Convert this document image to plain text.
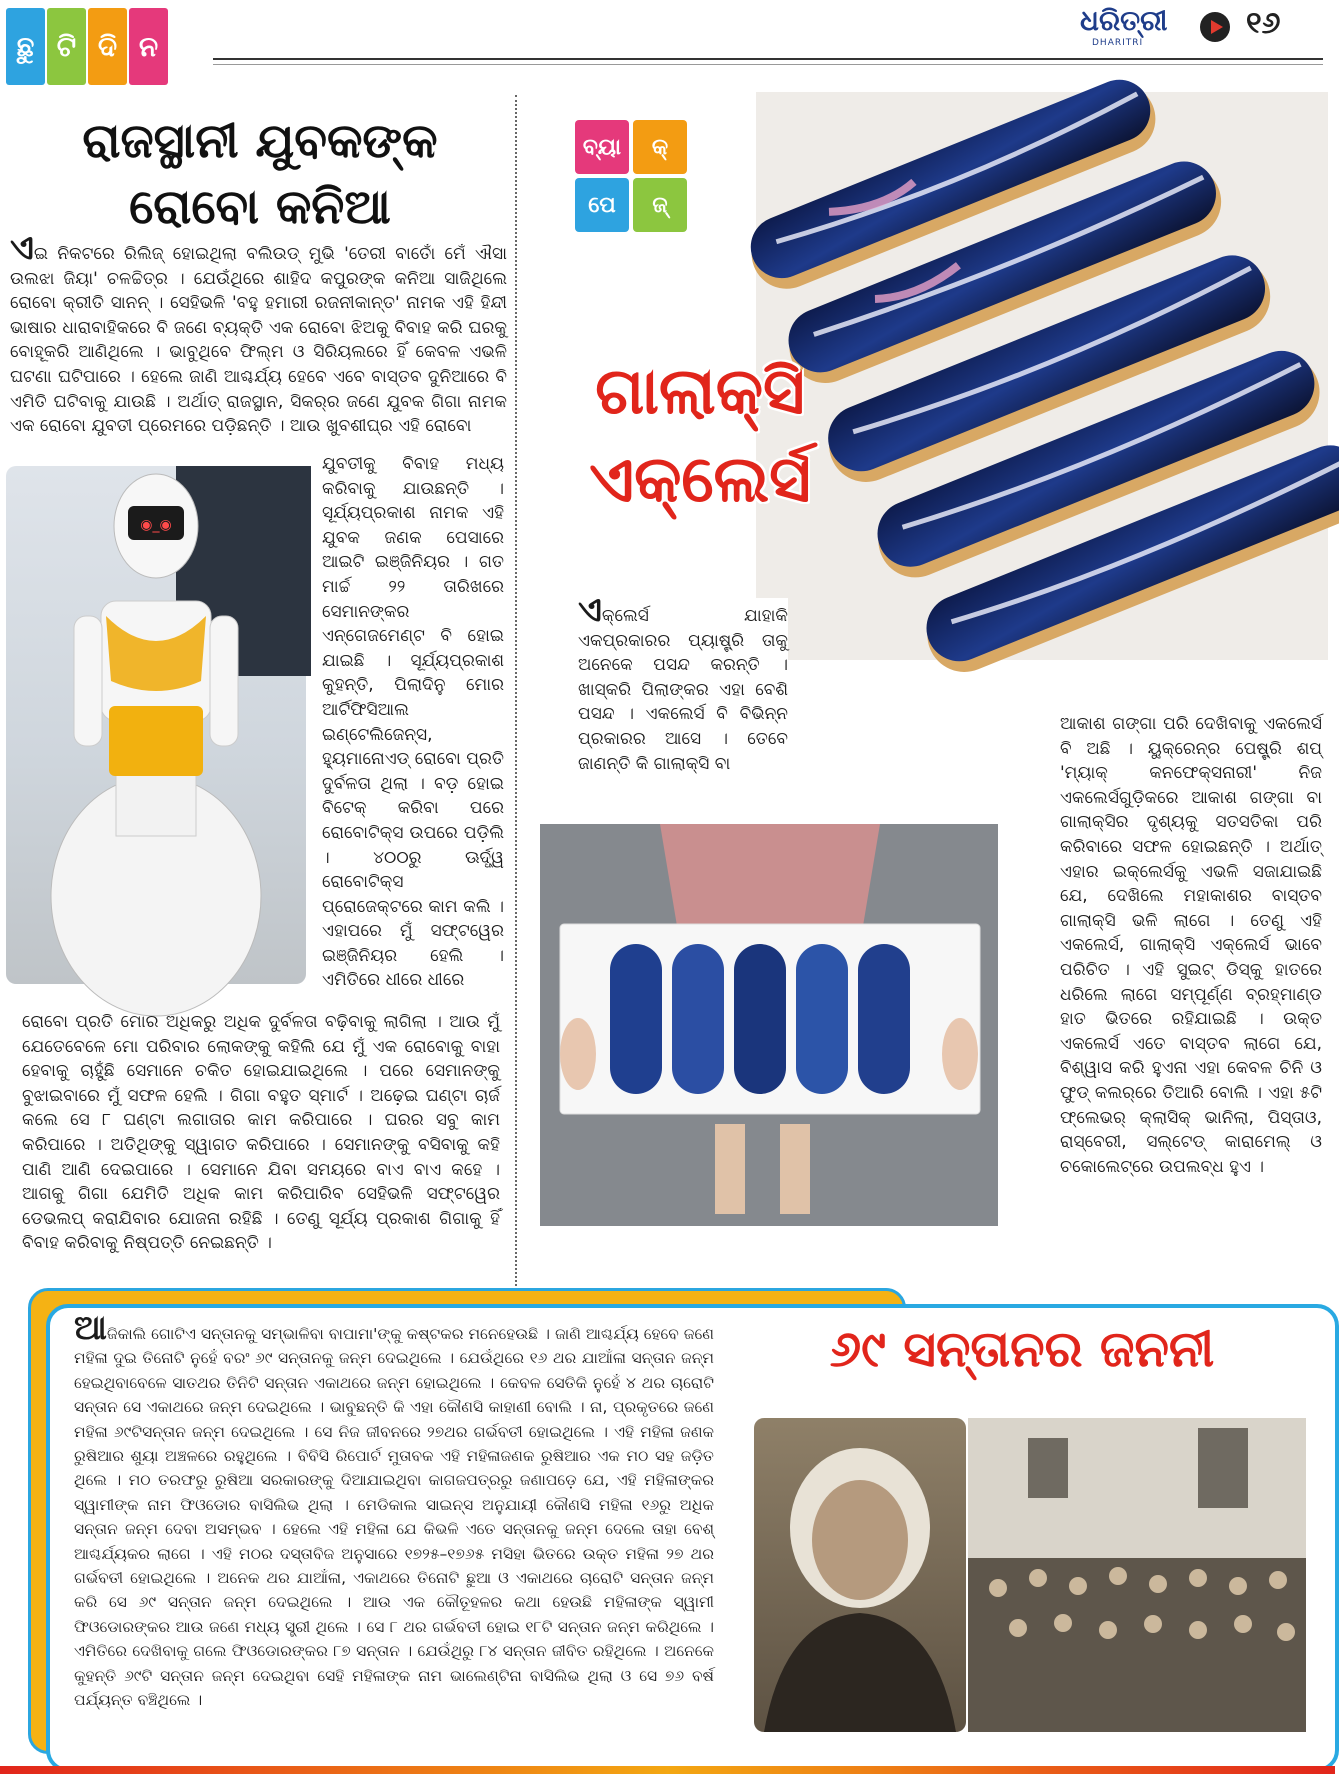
ଛୁ ଟି ଦି ନ
ଧରିତ୍ରୀ
DHARITRI
୧୬
ରାଜସ୍ଥାନୀ ଯୁବକଙ୍କ
ରୋବୋ କନିଆ
ଏଇ ନିକଟରେ ରିଲିଜ୍ ହୋଇଥିଲା ବଲିଉଡ୍ ମୁଭି 'ତେରୀ ବାତୋଁ ମେଁ ଐସା ଉଲଝା ଜିୟା' ଚଳଚ୍ଚିତ୍ର । ଯେଉଁଥିରେ ଶାହିଦ କପୁରଙ୍କ କନିଆ ସାଜିଥିଲେ ରୋବୋ କ୍ରୀତି ସାନନ୍ । ସେହିଭଳି 'ବହୁ ହମାରୀ ରଜନୀକାନ୍ତ' ନାମକ ଏହି ହିନ୍ଦୀ ଭାଷାର ଧାରାବାହିକରେ ବି ଜଣେ ବ୍ୟକ୍ତି ଏକ ରୋବୋ ଝିଅକୁ ବିବାହ କରି ଘରକୁ ବୋହୂକରି ଆଣିଥିଲେ । ଭାବୁଥିବେ ଫିଲ୍ମ ଓ ସିରିୟଲରେ ହିଁ କେବଳ ଏଭଳି ଘଟଣା ଘଟିପାରେ । ହେଲେ ଜାଣି ଆଶ୍ଚର୍ଯ୍ୟ ହେବେ ଏବେ ବାସ୍ତବ ଦୁନିଆରେ ବି ଏମିତି ଘଟିବାକୁ ଯାଉଛି । ଅର୍ଥାତ୍ ରାଜସ୍ଥାନ, ସିକର୍‌ର ଜଣେ ଯୁବକ ଗିଗା ନାମକ ଏକ ରୋବୋ ଯୁବତୀ ପ୍ରେମରେ ପଡ଼ିଛନ୍ତି । ଆଉ ଖୁବଶୀଘ୍ର ଏହି ରୋବୋ
◉_◉
ଯୁବତୀକୁ ବିବାହ ମଧ୍ୟ କରିବାକୁ ଯାଉଛନ୍ତି । ସୂର୍ଯ୍ୟପ୍ରକାଶ ନାମକ ଏହି ଯୁବକ ଜଣକ ପେସାରେ ଆଇଟି ଇଞ୍ଜିନିୟର । ଗତ ମାର୍ଚ୍ଚ ୨୨ ତାରିଖରେ ସେମାନଙ୍କର ଏନ୍‌ଗେଜମେଣ୍ଟ ବି ହୋଇ ଯାଇଛି । ସୂର୍ଯ୍ୟପ୍ରକାଶ କୁହନ୍ତି, ପିଲାଦିନୁ ମୋର ଆର୍ଟିଫିସିଆଲ ଇଣ୍ଟେଲିଜେନ୍ସ, ହ୍ୟୁମାନୋଏଡ୍ ରୋବୋ ପ୍ରତି ଦୁର୍ବଳତା ଥିଲା । ବଡ଼ ହୋଇ ବିଟେକ୍ କରିବା ପରେ ରୋବୋଟିକ୍ସ ଉପରେ ପଡ଼ିଲି । ୪୦୦ରୁ ଊର୍ଦ୍ଧ୍ୱ ରୋବୋଟିକ୍ସ ପ୍ରୋଜେକ୍ଟରେ କାମ କଲି । ଏହାପରେ ମୁଁ ସଫ୍ଟୱେର ଇଞ୍ଜିନିୟର ହେଲି । ଏମିତିରେ ଧୀରେ ଧୀରେ
ରୋବୋ ପ୍ରତି ମୋର ଅଧିକରୁ ଅଧିକ ଦୁର୍ବଳତା ବଢ଼ିବାକୁ ଲାଗିଲା । ଆଉ ମୁଁ ଯେତେବେଳେ ମୋ ପରିବାର ଲୋକଙ୍କୁ କହିଲି ଯେ ମୁଁ ଏକ ରୋବୋକୁ ବାହା ହେବାକୁ ଚାହୁଁଛି ସେମାନେ ଚକିତ ହୋଇଯାଇଥିଲେ । ପରେ ସେମାନଙ୍କୁ ବୁଝାଇବାରେ ମୁଁ ସଫଳ ହେଲି । ଗିଗା ବହୁତ ସ୍ମାର୍ଟ । ଅଢ଼େଇ ଘଣ୍ଟା ଚାର୍ଜ କଲେ ସେ ୮ ଘଣ୍ଟା ଲଗାତାର କାମ କରିପାରେ । ଘରର ସବୁ କାମ କରିପାରେ । ଅତିଥିଙ୍କୁ ସ୍ୱାଗତ କରିପାରେ । ସେମାନଙ୍କୁ ବସିବାକୁ କହି ପାଣି ଆଣି ଦେଇପାରେ । ସେମାନେ ଯିବା ସମୟରେ ବାଏ ବାଏ କହେ । ଆଗକୁ ଗିଗା ଯେମିତି ଅଧିକ କାମ କରିପାରିବ ସେହିଭଳି ସଫ୍ଟୱେର ଡେଭଲପ୍ କରାଯିବାର ଯୋଜନା ରହିଛି । ତେଣୁ ସୂର୍ଯ୍ୟ ପ୍ରକାଶ ଗିଗାକୁ ହିଁ ବିବାହ କରିବାକୁ ନିଷ୍ପତ୍ତି ନେଇଛନ୍ତି ।
ବ୍ୟା	କ୍
ପେ	ଜ୍
ଗାଲାକ୍ସି
ଏକ୍‌ଲେର୍ସ
ଏକ୍‌ଲେର୍ସ ଯାହାକି ଏକପ୍ରକାରର ପ୍ୟାଷ୍ଟ୍ରି ତାକୁ ଅନେକେ ପସନ୍ଦ କରନ୍ତି । ଖାସ୍‌କରି ପିଲାଙ୍କର ଏହା ବେଶି ପସନ୍ଦ । ଏକଲେର୍ସ ବି ବିଭିନ୍ନ ପ୍ରକାରର ଆସେ । ତେବେ ଜାଣନ୍ତି କି ଗାଲାକ୍ସି ବା
ଆକାଶ ଗଙ୍ଗା ପରି ଦେଖିବାକୁ ଏକଲେର୍ସ ବି ଅଛି । ୟୁକ୍ରେନ୍‌ର ପେଷ୍ଟ୍ରି ଶପ୍ 'ମ୍ୟାକ୍ କନଫେକ୍ସନାରୀ' ନିଜ ଏକଲେର୍ସଗୁଡ଼ିକରେ ଆକାଶ ଗଙ୍ଗା ବା ଗାଲାକ୍ସିର ଦୃଶ୍ୟକୁ ସତସତିକା ପରି କରିବାରେ ସଫଳ ହୋଇଛନ୍ତି । ଅର୍ଥାତ୍ ଏହାର ଇକ୍‌ଲେର୍ସକୁ ଏଭଳି ସଜାଯାଇଛି ଯେ, ଦେଖିଲେ ମହାକାଶର ବାସ୍ତବ ଗାଲାକ୍ସି ଭଳି ଲାଗେ । ତେଣୁ ଏହି ଏକଲେର୍ସ, ଗାଲାକ୍ସି ଏକ୍ଲେର୍ସ ଭାବେ ପରିଚିତ । ଏହି ସୁଇଟ୍ ଡିସ୍‌କୁ ହାତରେ ଧରିଲେ ଲାଗେ ସମ୍ପୂର୍ଣ୍ଣ ବ୍ରହ୍ମାଣ୍ଡ ହାତ ଭିତରେ ରହିଯାଇଛି । ଉକ୍ତ ଏକଲେର୍ସ ଏତେ ବାସ୍ତବ ଲାଗେ ଯେ, ବିଶ୍ୱାସ କରି ହୁଏନା ଏହା କେବଳ ଚିନି ଓ ଫୁଡ୍ କଲର୍‌ରେ ତିଆରି ବୋଲି । ଏହା ୫ଟି ଫ୍ଲେଭର୍ କ୍ଲାସିକ୍ ଭାନିଲା, ପିସ୍ତାଓ, ରାସ୍‌ବେରୀ, ସଲ୍ଟେଡ୍ କାରାମେଲ୍ ଓ ଚକୋଲେଟ୍‌ରେ ଉପଲବ୍ଧ ହୁଏ ।
ଆଜିକାଲି ଗୋଟିଏ ସନ୍ତାନକୁ ସମ୍ଭାଳିବା ବାପାମା'ଙ୍କୁ କଷ୍ଟକର ମନେହେଉଛି । ଜାଣି ଆଶ୍ଚର୍ଯ୍ୟ ହେବେ ଜଣେ ମହିଳା ଦୁଇ ତିନୋଟି ନୁହେଁ ବରଂ ୬୯ ସନ୍ତାନକୁ ଜନ୍ମ ଦେଇଥିଲେ । ଯେଉଁଥିରେ ୧୬ ଥର ଯାଆଁଳା ସନ୍ତାନ ଜନ୍ମ ହେଇଥିବାବେଳେ ସାତଥର ତିନିଟି ସନ୍ତାନ ଏକାଥରେ ଜନ୍ମ ହୋଇଥିଲେ । କେବଳ ସେତିକି ନୁହେଁ ୪ ଥର ଚାରୋଟି ସନ୍ତାନ ସେ ଏକାଥରେ ଜନ୍ମ ଦେଇଥିଲେ । ଭାବୁଛନ୍ତି କି ଏହା କୌଣସି କାହାଣୀ ବୋଲି । ନା, ପ୍ରକୃତରେ ଜଣେ ମହିଳା ୬୯ଟିସନ୍ତାନ ଜନ୍ମ ଦେଇଥିଲେ । ସେ ନିଜ ଜୀବନରେ ୨୭ଥର ଗର୍ଭବତୀ ହୋଇଥିଲେ । ଏହି ମହିଳା ଜଣକ ରୁଷିଆର ଶୁୟା ଅଞ୍ଚଳରେ ରହୁଥିଲେ । ବିବିସି ରିପୋର୍ଟ ମୁତାବକ ଏହି ମହିଳାଜଣକ ରୁଷିଆର ଏକ ମଠ ସହ ଜଡ଼ିତ ଥିଲେ । ମଠ ତରଫରୁ ରୁଷିଆ ସରକାରଙ୍କୁ ଦିଆଯାଇଥିବା କାଗଜପତ୍ରରୁ ଜଣାପଡ଼େ ଯେ, ଏହି ମହିଳାଙ୍କର ସ୍ୱାମୀଙ୍କ ନାମ ଫିଓଡୋର ବାସିଲିଭ ଥିଲା । ମେଡିକାଲ ସାଇନ୍ସ ଅନୁଯାୟୀ କୌଣସି ମହିଳା ୧୬ରୁ ଅଧିକ ସନ୍ତାନ ଜନ୍ମ ଦେବା ଅସମ୍ଭବ । ହେଲେ ଏହି ମହିଳା ଯେ କିଭଳି ଏତେ ସନ୍ତାନକୁ ଜନ୍ମ ଦେଲେ ତାହା ବେଶ୍ ଆଶ୍ଚର୍ଯ୍ୟକର ଲାଗେ । ଏହି ମଠର ଦସ୍ତାବିଜ ଅନୁସାରେ ୧୭୨୫–୧୭୬୫ ମସିହା ଭିତରେ ଉକ୍ତ ମହିଳା ୨୭ ଥର ଗର୍ଭବତୀ ହୋଇଥିଲେ । ଅନେକ ଥର ଯାଆଁଳା, ଏକାଥରେ ତିନୋଟି ଛୁଆ ଓ ଏକାଥରେ ଚାରୋଟି ସନ୍ତାନ ଜନ୍ମ କରି ସେ ୬୯ ସନ୍ତାନ ଜନ୍ମ ଦେଇଥିଲେ । ଆଉ ଏକ କୌତୂହଳର କଥା ହେଉଛି ମହିଳାଙ୍କ ସ୍ୱାମୀ ଫିଓଡୋରଙ୍କର ଆଉ ଜଣେ ମଧ୍ୟ ସ୍ତ୍ରୀ ଥିଲେ । ସେ ୮ ଥର ଗର୍ଭବତୀ ହୋଇ ୧୮ଟି ସନ୍ତାନ ଜନ୍ମ କରିଥିଲେ । ଏମିତିରେ ଦେଖିବାକୁ ଗଲେ ଫିଓଡୋରଙ୍କର ୮୭ ସନ୍ତାନ । ଯେଉଁଥିରୁ ୮୪ ସନ୍ତାନ ଜୀବିତ ରହିଥିଲେ । ଅନେକେ କୁହନ୍ତି ୬୯ଟି ସନ୍ତାନ ଜନ୍ମ ଦେଇଥିବା ସେହି ମହିଳାଙ୍କ ନାମ ଭାଲେଣ୍ଟିନା ବାସିଲିଭ ଥିଲା ଓ ସେ ୭୬ ବର୍ଷ ପର୍ଯ୍ୟନ୍ତ ବଞ୍ଚିଥିଲେ ।
୬୯ ସନ୍ତାନର ଜନନୀ
